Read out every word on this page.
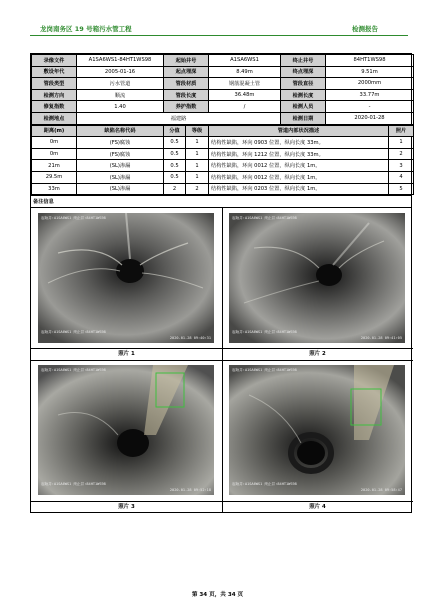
龙岗南务区 19 号箱污水管工程	检测报告
录像文件	A1SA6WS1-84HT1WS98	起始井号	A1SA6WS1	终止井号	84HT1WS98
敷设年代	2005-01-16	起点埋深	8.49m	终点埋深	9.51m
管段类型	污水管道	管段材质	钢筋混凝土管	管段直径	2000mm
检测方向	顺流	管段长度	36.48m	检测长度	33.77m
修复指数	1.40	养护指数	/	检测人员	-
检测地点	福建路			检测日期	2020-01-28
距离(m)	缺陷名称代码	分值	等级	管道内部状况描述	照片
0m	(FS)腐蚀	0.5	1	结构性缺陷，环向 0903 位置，纵向长度 33m。	1
0m	(FS)腐蚀	0.5	1	结构性缺陷，环向 1212 位置，纵向长度 33m。	2
21m	(SL)渗漏	0.5	1	结构性缺陷，环向 0012 位置，纵向长度 1m。	3
29.5m	(SL)渗漏	0.5	1	结构性缺陷，环向 0012 位置，纵向长度 1m。	4
33m	(SL)渗漏	2	2	结构性缺陷，环向 0203 位置，纵向长度 1m。	5
备注信息
起始井:A1SA6WS1 终止井:84HT1WS98
起始井:A1SA6WS1 终止井:84HT1WS98
2020-01-28 09:40:31
照片 1
起始井:A1SA6WS1 终止井:84HT1WS98
起始井:A1SA6WS1 终止井:84HT1WS98
2020-01-28 09:41:05
照片 2
起始井:A1SA6WS1 终止井:84HT1WS98
起始井:A1SA6WS1 终止井:84HT1WS98
2020-01-28 09:52:18
照片 3
起始井:A1SA6WS1 终止井:84HT1WS98
起始井:A1SA6WS1 终止井:84HT1WS98
2020-01-28 09:58:47
照片 4
第 34 页，共 34 页
